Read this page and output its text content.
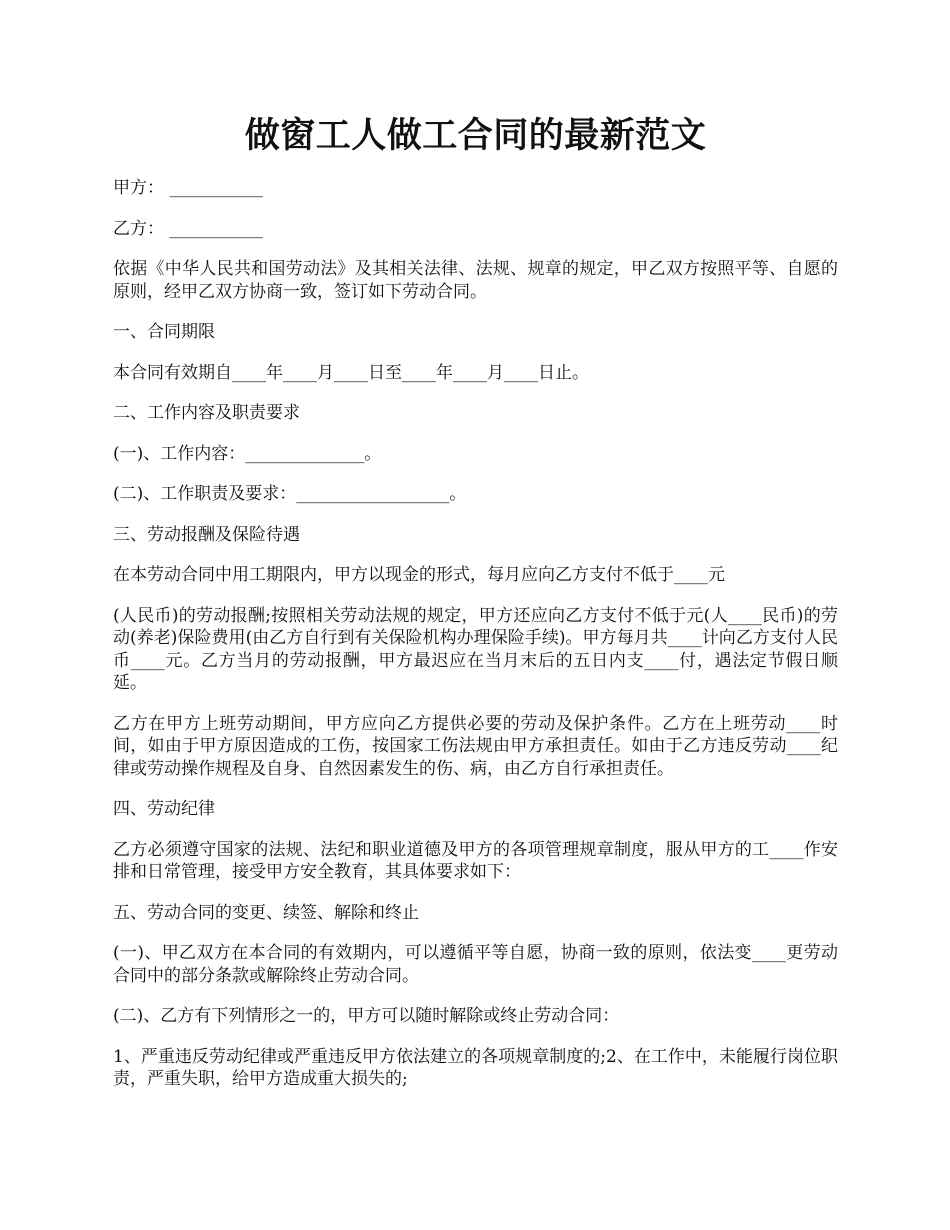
做窗工人做工合同的最新范文

甲方： ___________

乙方： ___________

依据《中华人民共和国劳动法》及其相关法律、法规、规章的规定，甲乙双方按照平等、自愿的原则，经甲乙双方协商一致，签订如下劳动合同。

一、合同期限

本合同有效期自____年____月____日至____年____月____日止。

二、工作内容及职责要求

(一)、工作内容：______________。

(二)、工作职责及要求：__________________。

三、劳动报酬及保险待遇

在本劳动合同中用工期限内，甲方以现金的形式，每月应向乙方支付不低于____元

(人民币)的劳动报酬;按照相关劳动法规的规定，甲方还应向乙方支付不低于元(人____民币)的劳动(养老)保险费用(由乙方自行到有关保险机构办理保险手续)。甲方每月共____计向乙方支付人民币____元。乙方当月的劳动报酬，甲方最迟应在当月末后的五日内支____付，遇法定节假日顺延。

乙方在甲方上班劳动期间，甲方应向乙方提供必要的劳动及保护条件。乙方在上班劳动____时间，如由于甲方原因造成的工伤，按国家工伤法规由甲方承担责任。如由于乙方违反劳动____纪律或劳动操作规程及自身、自然因素发生的伤、病，由乙方自行承担责任。

四、劳动纪律

乙方必须遵守国家的法规、法纪和职业道德及甲方的各项管理规章制度，服从甲方的工____作安排和日常管理，接受甲方安全教育，其具体要求如下：

五、劳动合同的变更、续签、解除和终止

(一)、甲乙双方在本合同的有效期内，可以遵循平等自愿，协商一致的原则，依法变____更劳动合同中的部分条款或解除终止劳动合同。

(二)、乙方有下列情形之一的，甲方可以随时解除或终止劳动合同：

1、严重违反劳动纪律或严重违反甲方依法建立的各项规章制度的;2、在工作中，未能履行岗位职责，严重失职，给甲方造成重大损失的;
